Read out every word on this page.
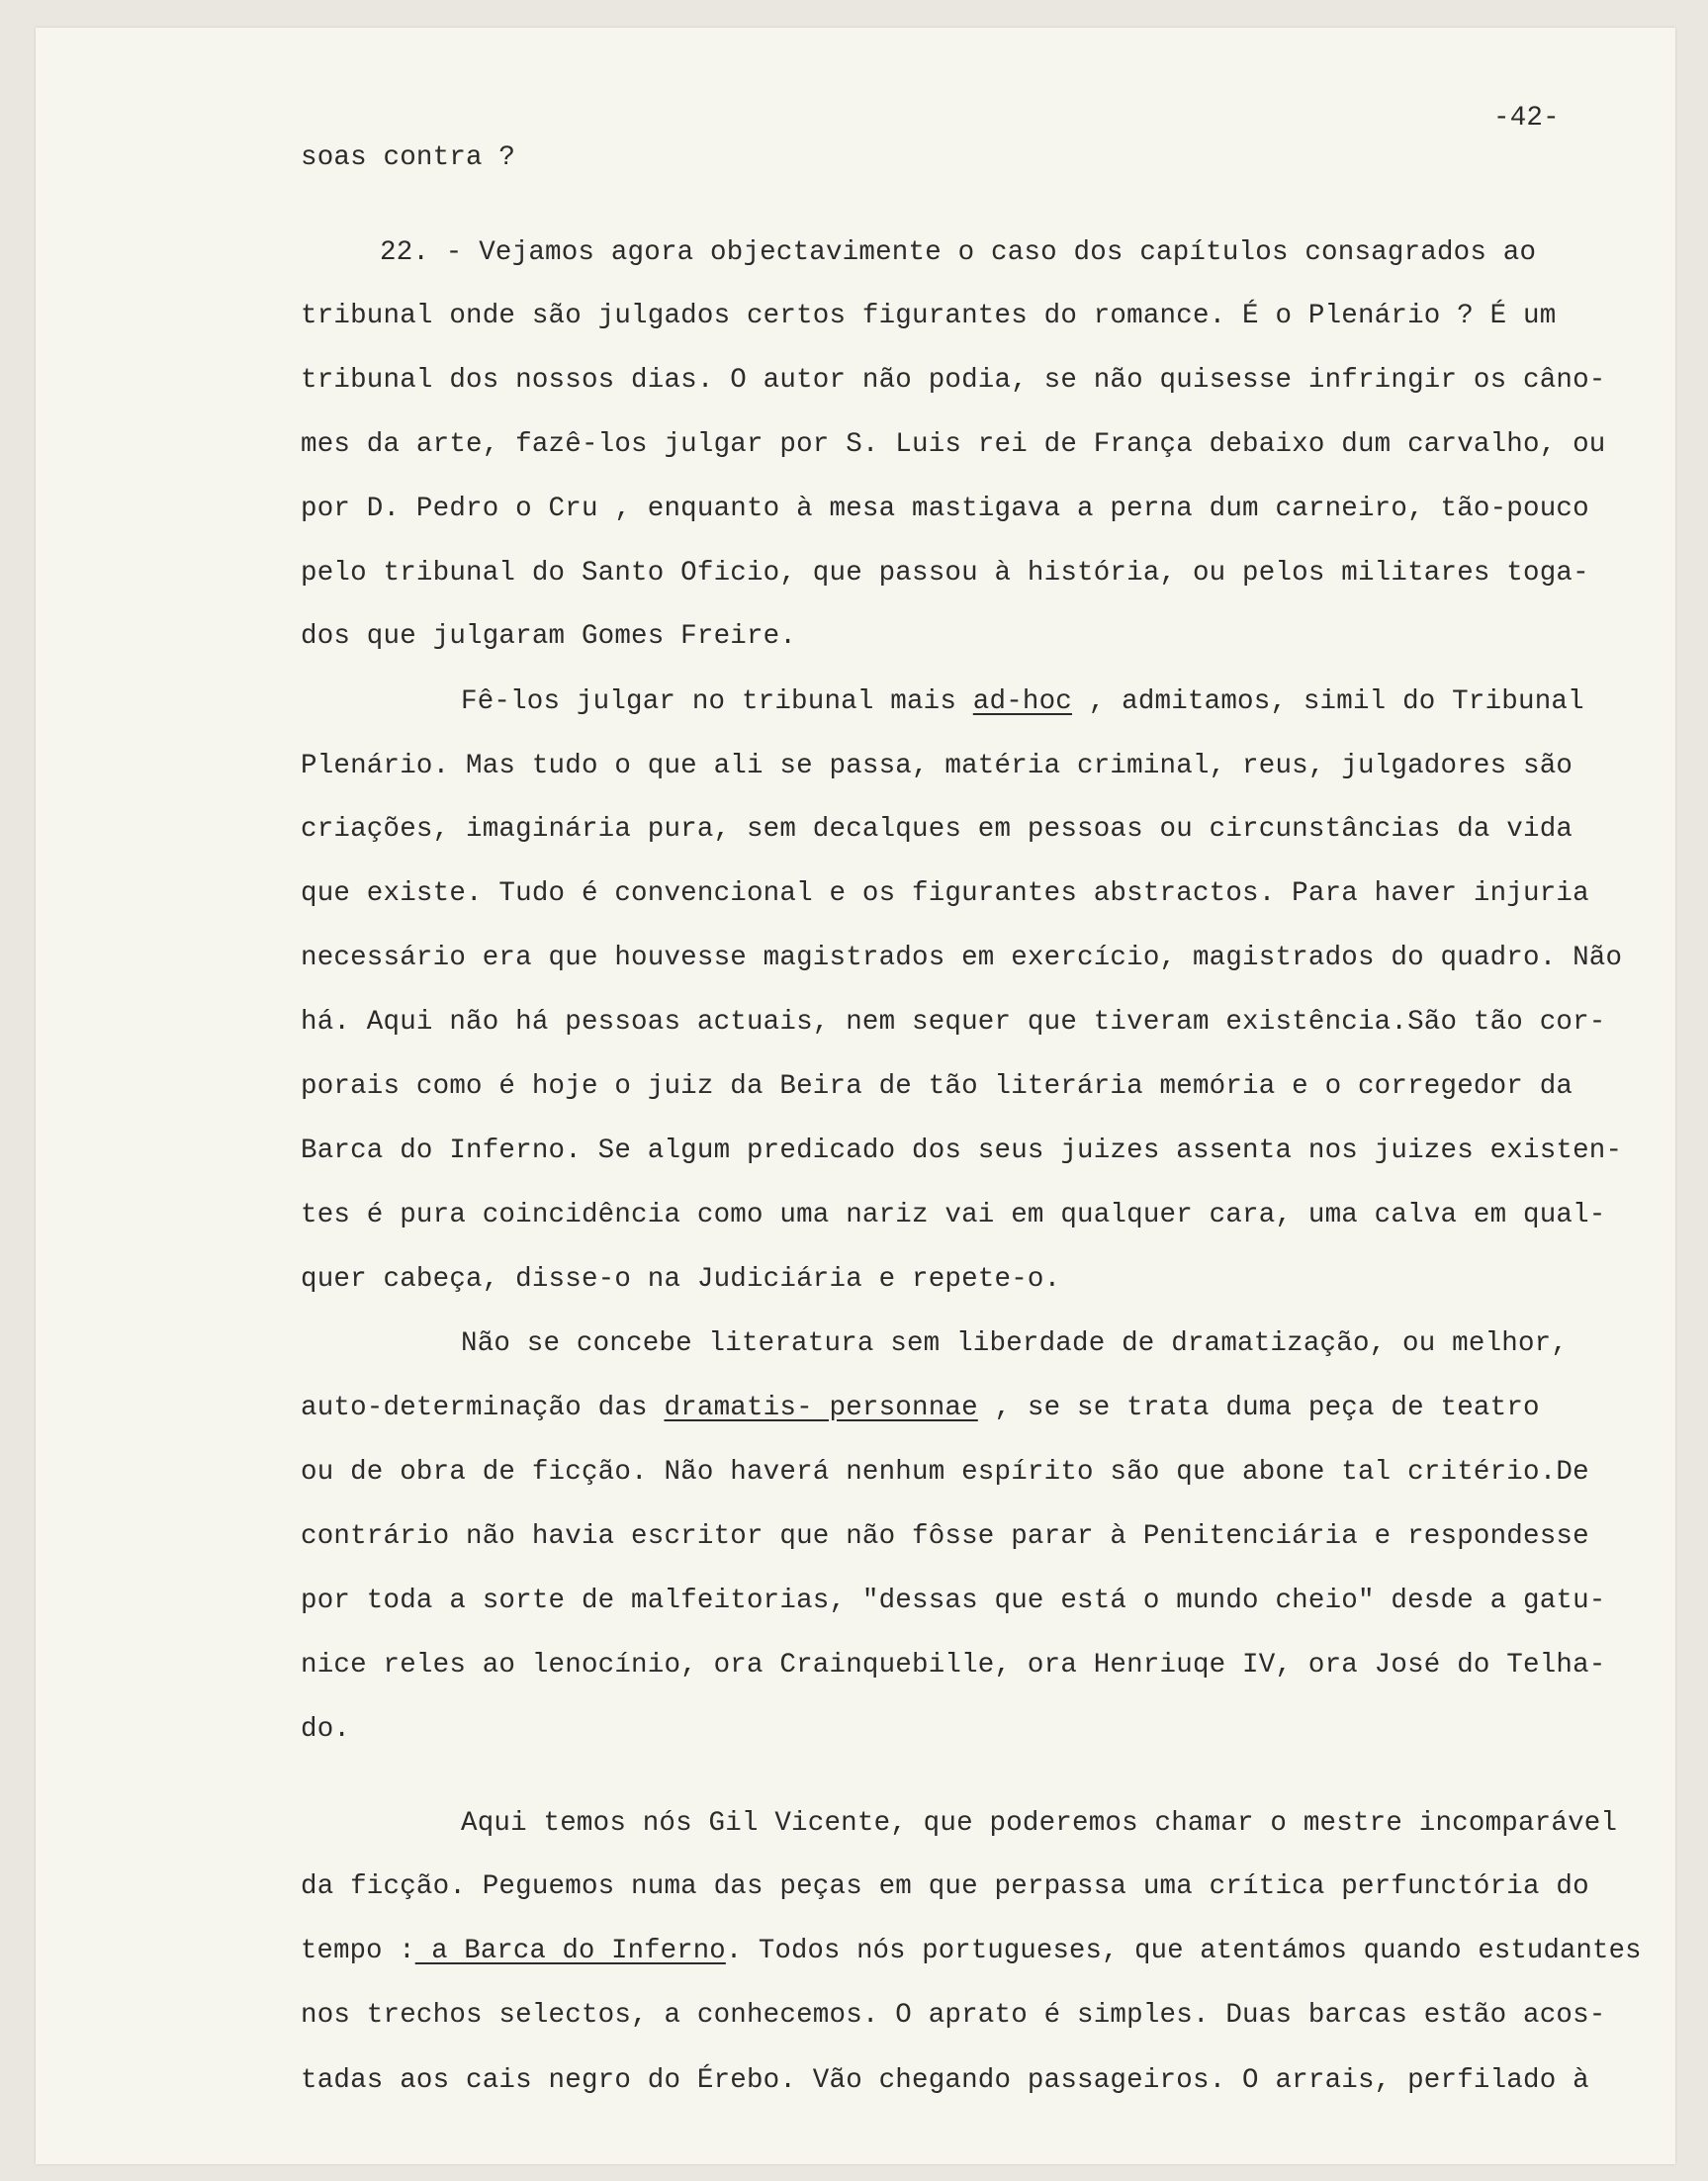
-42-
soas contra ?
22. - Vejamos agora objectavimente o caso dos capítulos consagrados ao
tribunal onde são julgados certos figurantes do romance. É o Plenário ? É um
tribunal dos nossos dias. O autor não podia, se não quisesse infringir os câno-
mes da arte, fazê-los julgar por S. Luis rei de França debaixo dum carvalho, ou
por D. Pedro o Cru , enquanto à mesa mastigava a perna dum carneiro, tão-pouco
pelo tribunal do Santo Oficio, que passou à história, ou pelos militares toga-
dos que julgaram Gomes Freire.
Fê-los julgar no tribunal mais ad-hoc , admitamos, simil do Tribunal
Plenário. Mas tudo o que ali se passa, matéria criminal, reus, julgadores são
criações, imaginária pura, sem decalques em pessoas ou circunstâncias da vida
que existe. Tudo é convencional e os figurantes abstractos. Para haver injuria
necessário era que houvesse magistrados em exercício, magistrados do quadro. Não
há. Aqui não há pessoas actuais, nem sequer que tiveram existência.São tão cor-
porais como é hoje o juiz da Beira de tão literária memória e o corregedor da
Barca do Inferno. Se algum predicado dos seus juizes assenta nos juizes existen-
tes é pura coincidência como uma nariz vai em qualquer cara, uma calva em qual-
quer cabeça, disse-o na Judiciária e repete-o.
Não se concebe literatura sem liberdade de dramatização, ou melhor,
auto-determinação das dramatis- personnae , se se trata duma peça de teatro
ou de obra de ficção. Não haverá nenhum espírito são que abone tal critério.De
contrário não havia escritor que não fôsse parar à Penitenciária e respondesse
por toda a sorte de malfeitorias, "dessas que está o mundo cheio" desde a gatu-
nice reles ao lenocínio, ora Crainquebille, ora Henriuqe IV, ora José do Telha-
do.
Aqui temos nós Gil Vicente, que poderemos chamar o mestre incomparável
da ficção. Peguemos numa das peças em que perpassa uma crítica perfunctória do
tempo : a Barca do Inferno. Todos nós portugueses, que atentámos quando estudantes
nos trechos selectos, a conhecemos. O aprato é simples. Duas barcas estão acos-
tadas aos cais negro do Érebo. Vão chegando passageiros. O arrais, perfilado à
